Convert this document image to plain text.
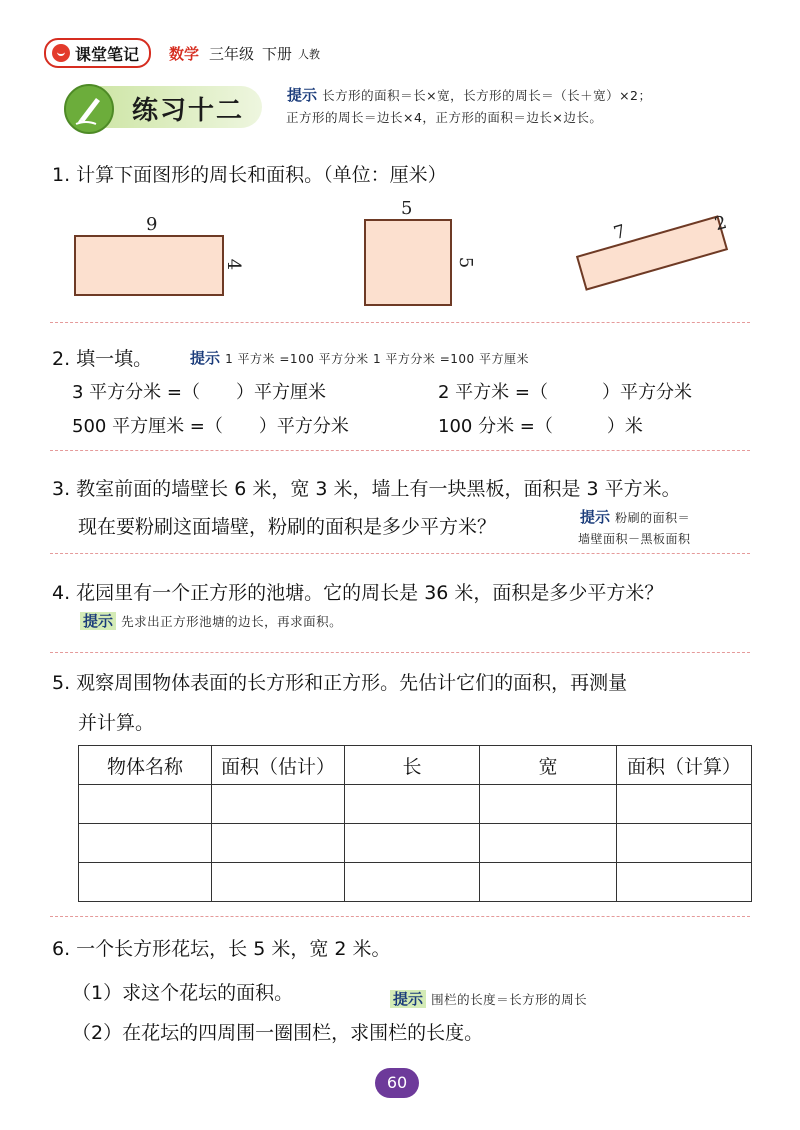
课堂笔记 数学 三年级 下册 人教
练习十二
提示 长方形的面积＝长×宽，长方形的周长＝（长＋宽）×2；
正方形的周长＝边长×4，正方形的面积＝边长×边长。
1. 计算下面图形的周长和面积。（单位：厘米）
9
4
5
5
7	2
2. 填一填。	提示 1 平方米 =100 平方分米 1 平方分米 =100 平方厘米
3 平方分米 =（　　）平方厘米	2 平方米 =（　　　）平方分米
500 平方厘米 =（　　）平方分米	100 分米 =（　　　）米
3. 教室前面的墙壁长 6 米，宽 3 米，墙上有一块黑板，面积是 3 平方米。
现在要粉刷这面墙壁，粉刷的面积是多少平方米？	提示 粉刷的面积＝
墙壁面积－黑板面积
4. 花园里有一个正方形的池塘。它的周长是 36 米，面积是多少平方米？
提示 先求出正方形池塘的边长，再求面积。
5. 观察周围物体表面的长方形和正方形。先估计它们的面积，再测量
并计算。
物体名称	面积（估计）	长	宽	面积（计算）

6. 一个长方形花坛，长 5 米，宽 2 米。
（1）求这个花坛的面积。	提示 围栏的长度＝长方形的周长
（2）在花坛的四周围一圈围栏，求围栏的长度。
60
